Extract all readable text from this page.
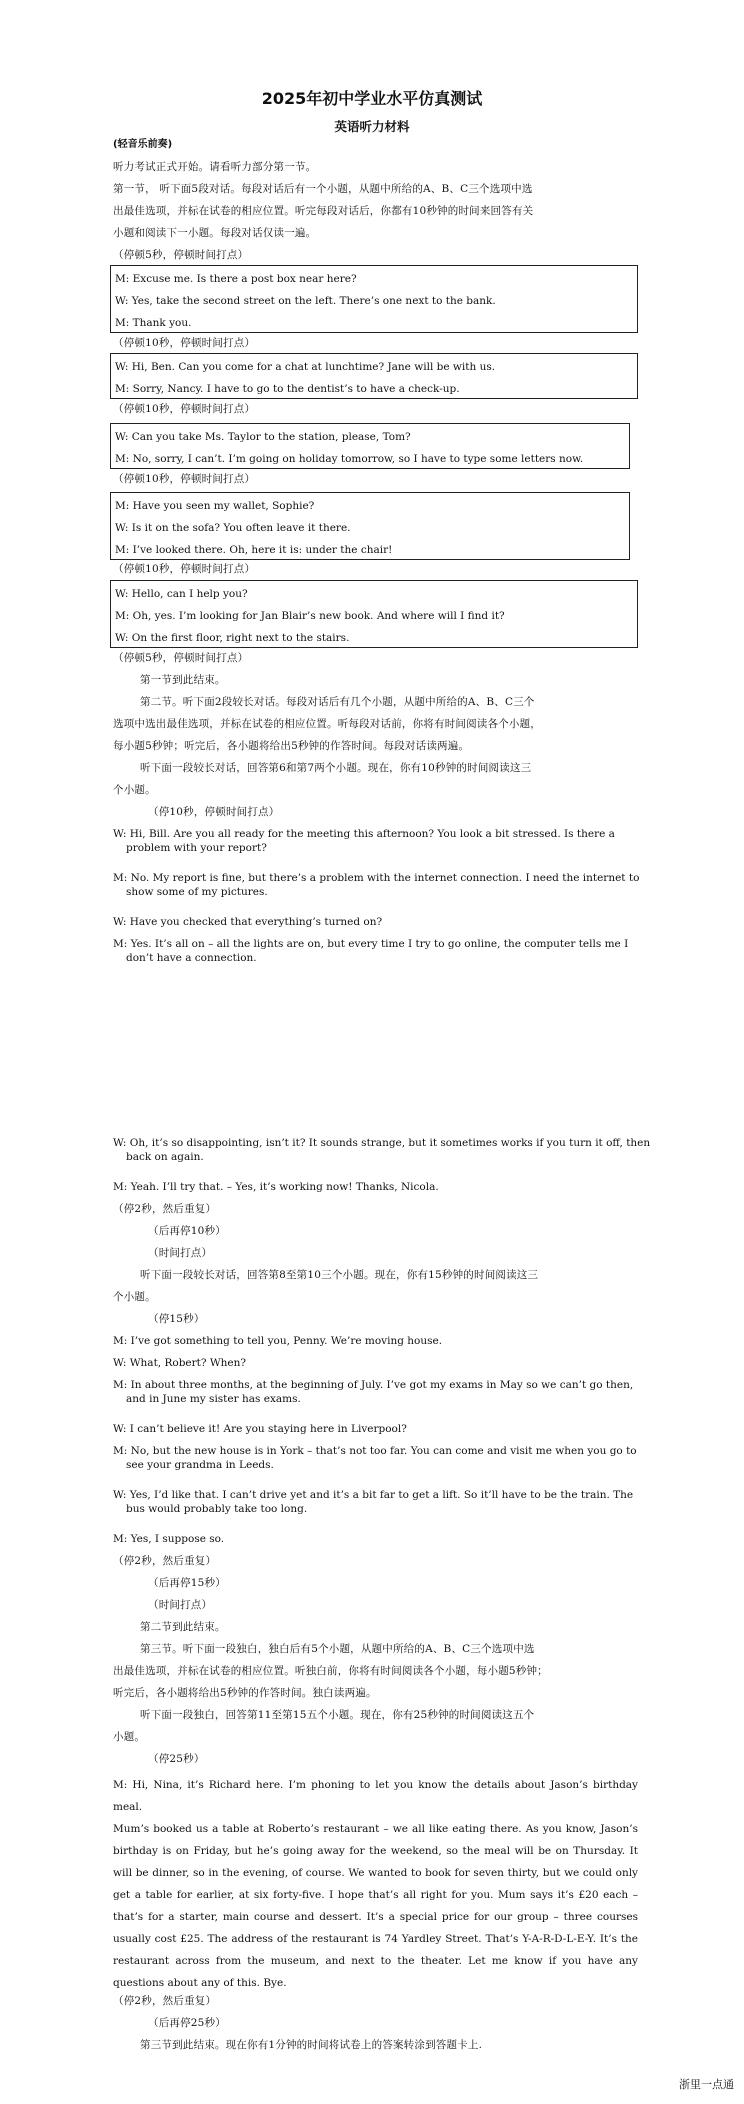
2025年初中学业水平仿真测试
英语听力材料
(轻音乐前奏)
听力考试正式开始。请看听力部分第一节。
第一节， 听下面5段对话。每段对话后有一个小题，从题中所给的A、B、C三个选项中选
出最佳选项，并标在试卷的相应位置。听完每段对话后，你都有10秒钟的时间来回答有关
小题和阅读下一小题。每段对话仅读一遍。
（停顿5秒，停顿时间打点）
M: Excuse me. Is there a post box near here?
W: Yes, take the second street on the left. There’s one next to the bank.
M: Thank you.
（停顿10秒，停顿时间打点）
W: Hi, Ben. Can you come for a chat at lunchtime? Jane will be with us.
M: Sorry, Nancy. I have to go to the dentist’s to have a check-up.
（停顿10秒，停顿时间打点）
W: Can you take Ms. Taylor to the station, please, Tom?
M: No, sorry, I can’t. I’m going on holiday tomorrow, so I have to type some letters now.
（停顿10秒，停顿时间打点）
M: Have you seen my wallet, Sophie?
W: Is it on the sofa? You often leave it there.
M: I’ve looked there. Oh, here it is: under the chair!
（停顿10秒，停顿时间打点）
W: Hello, can I help you?
M: Oh, yes. I’m looking for Jan Blair’s new book. And where will I find it?
W: On the first floor, right next to the stairs.
（停顿5秒，停顿时间打点）
第一节到此结束。
第二节。听下面2段较长对话。每段对话后有几个小题，从题中所给的A、B、C三个
选项中选出最佳选项，并标在试卷的相应位置。听每段对话前，你将有时间阅读各个小题，
每小题5秒钟；听完后，各小题将给出5秒钟的作答时间。每段对话读两遍。
听下面一段较长对话，回答第6和第7两个小题。现在，你有10秒钟的时间阅读这三
个小题。
（停10秒，停顿时间打点）
W: Hi, Bill. Are you all ready for the meeting this afternoon? You look a bit stressed. Is there a problem with your report?
M: No. My report is fine, but there’s a problem with the internet connection. I need the internet to show some of my pictures.
W: Have you checked that everything’s turned on?
M: Yes. It’s all on – all the lights are on, but every time I try to go online, the computer tells me I don’t have a connection.
W: Oh, it’s so disappointing, isn’t it? It sounds strange, but it sometimes works if you turn it off, then back on again.
M: Yeah. I’ll try that. – Yes, it’s working now! Thanks, Nicola.
（停2秒，然后重复）
（后再停10秒）
（时间打点）
听下面一段较长对话，回答第8至第10三个小题。现在，你有15秒钟的时间阅读这三
个小题。
（停15秒）
M: I’ve got something to tell you, Penny. We’re moving house.
W: What, Robert? When?
M: In about three months, at the beginning of July. I’ve got my exams in May so we can’t go then, and in June my sister has exams.
W: I can’t believe it! Are you staying here in Liverpool?
M: No, but the new house is in York – that’s not too far. You can come and visit me when you go to see your grandma in Leeds.
W: Yes, I’d like that. I can’t drive yet and it’s a bit far to get a lift. So it’ll have to be the train. The bus would probably take too long.
M: Yes, I suppose so.
（停2秒，然后重复）
（后再停15秒）
（时间打点）
第二节到此结束。
第三节。听下面一段独白，独白后有5个小题，从题中所给的A、B、C三个选项中选
出最佳选项，并标在试卷的相应位置。听独白前，你将有时间阅读各个小题，每小题5秒钟；
听完后，各小题将给出5秒钟的作答时间。独白读两遍。
听下面一段独白，回答第11至第15五个小题。现在，你有25秒钟的时间阅读这五个
小题。
（停25秒）
M: Hi, Nina, it’s Richard here. I’m phoning to let you know the details about Jason’s birthday meal.
Mum’s booked us a table at Roberto’s restaurant – we all like eating there. As you know, Jason’s birthday is on Friday, but he’s going away for the weekend, so the meal will be on Thursday. It will be dinner, so in the evening, of course. We wanted to book for seven thirty, but we could only get a table for earlier, at six forty-five. I hope that’s all right for you. Mum says it’s £20 each – that’s for a starter, main course and dessert. It’s a special price for our group – three courses usually cost £25. The address of the restaurant is 74 Yardley Street. That’s Y-A-R-D-L-E-Y. It’s the restaurant across from the museum, and next to the theater. Let me know if you have any questions about any of this. Bye.
（停2秒，然后重复）
（后再停25秒）
第三节到此结束。现在你有1分钟的时间将试卷上的答案转涂到答题卡上.
浙里一点通
